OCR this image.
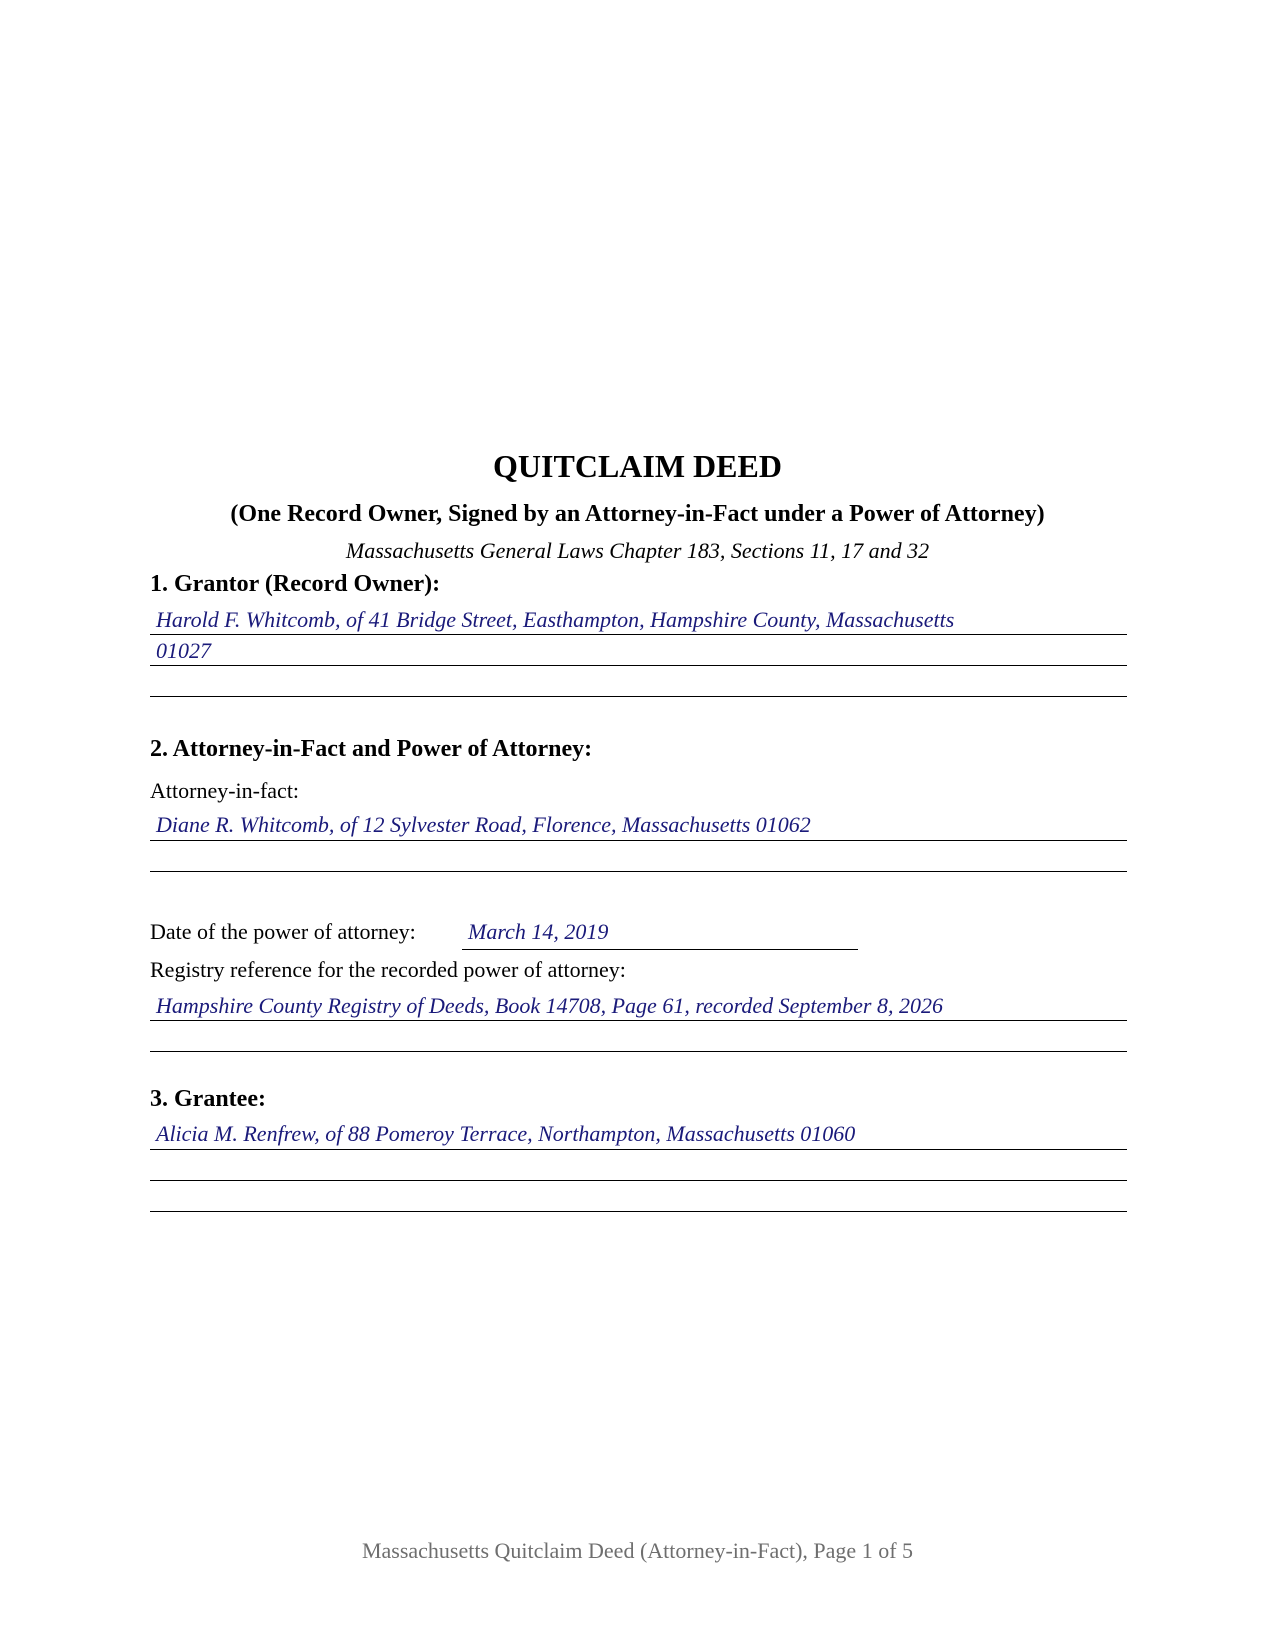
QUITCLAIM DEED
(One Record Owner, Signed by an Attorney-in-Fact under a Power of Attorney)
Massachusetts General Laws Chapter 183, Sections 11, 17 and 32
1. Grantor (Record Owner):
Harold F. Whitcomb, of 41 Bridge Street, Easthampton, Hampshire County, Massachusetts
01027
2. Attorney-in-Fact and Power of Attorney:
Attorney-in-fact:
Diane R. Whitcomb, of 12 Sylvester Road, Florence, Massachusetts 01062
Date of the power of attorney: March 14, 2019
Registry reference for the recorded power of attorney:
Hampshire County Registry of Deeds, Book 14708, Page 61, recorded September 8, 2026
3. Grantee:
Alicia M. Renfrew, of 88 Pomeroy Terrace, Northampton, Massachusetts 01060
Massachusetts Quitclaim Deed (Attorney-in-Fact), Page 1 of 5
